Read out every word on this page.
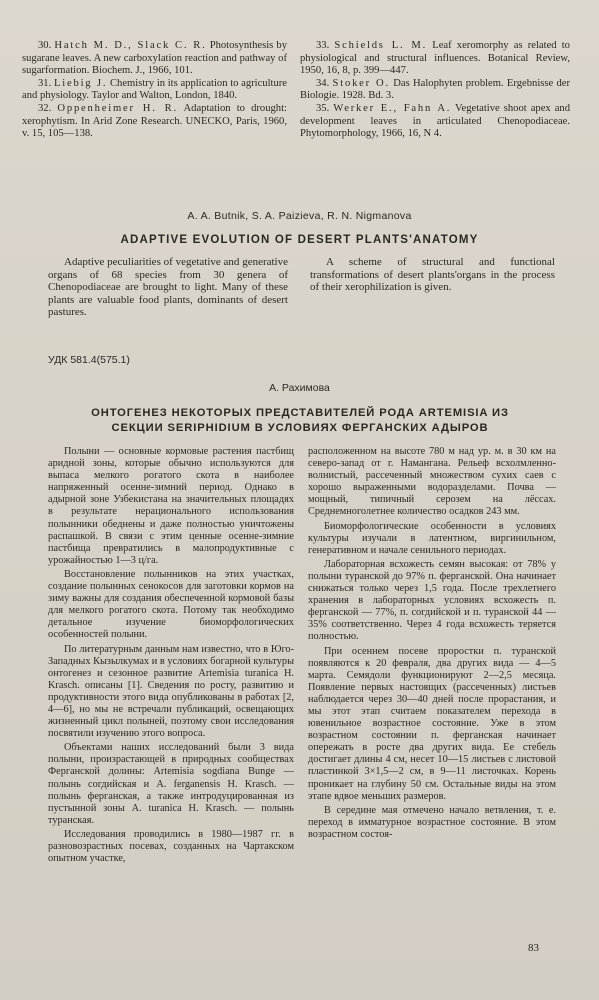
30. Hatch M. D., Slack C. R. Photosynthesis by sugarane leaves. A new carboxylation reaction and pathway of sugarformation. Biochem. J., 1966, 101.

31. Liebig J. Chemistry in its application to agriculture and physiology. Taylor and Walton, London, 1840.

32. Oppenheimer H. R. Adaptation to drought: xerophytism. In Arid Zone Research. UNECKO, Paris, 1960, v. 15, 105—138.

33. Schields L. M. Leaf xeromorphy as related to physiological and structural influences. Botanical Review, 1950, 16, 8, p. 399—447.

34. Stoker O. Das Halophyten problem. Ergebnisse der Biologie. 1928. Bd. 3.

35. Werker E., Fahn A. Vegetative shoot apex and development leaves in articulated Chenopodiaceae. Phytomorphology, 1966, 16, N 4.

A. A. Butnik, S. A. Paizieva, R. N. Nigmanova
ADAPTIVE EVOLUTION OF DESERT PLANTS'ANATOMY

Adaptive peculiarities of vegetative and generative organs of 68 species from 30 genera of Chenopodiaceae are brought to light. Many of these plants are valuable food plants, dominants of desert pastures.

A scheme of structural and functional transformations of desert plants'organs in the process of their xerophilization is given.

УДК 581.4(575.1)
А. Рахимова
ОНТОГЕНЕЗ НЕКОТОРЫХ ПРЕДСТАВИТЕЛЕЙ РОДА ARTEMISIA ИЗ
СЕКЦИИ SERIPHIDIUM В УСЛОВИЯХ ФЕРГАНСКИХ АДЫРОВ

Полыни — основные кормовые растения пастбищ аридной зоны, которые обычно используются для выпаса мелкого рогатого скота в наиболее напряженный осенне-зимний период. Однако в адырной зоне Узбекистана на значительных площадях в результате нерационального использования полынники обеднены и даже полностью уничтожены распашкой. В связи с этим ценные осенне-зимние пастбища превратились в малопродуктивные с урожайностью 1—3 ц/га.

Восстановление полынников на этих участках, создание полынных сенокосов для заготовки кормов на зиму важны для создания обеспеченной кормовой базы для мелкого рогатого скота. Потому так необходимо детальное изучение биоморфологических особенностей полыни.

По литературным данным нам известно, что в Юго-Западных Кызылкумах и в условиях богарной культуры онтогенез и сезонное развитие Artemisia turanica H. Krasch. описаны [1]. Сведения по росту, развитию и продуктивности этого вида опубликованы в работах [2, 4—6], но мы не встречали публикаций, освещающих жизненный цикл полыней, поэтому свои исследования посвятили изучению этого вопроса.

Объектами наших исследований были 3 вида полыни, произрастающей в природных сообществах Ферганской долины: Artemisia sogdiana Bunge — полынь согдийская и A. ferganensis H. Krasch. — полынь ферганская, а также интродуцированная из пустынной зоны A. turanica H. Krasch. — полынь туранская.

Исследования проводились в 1980—1987 гг. в разновозрастных посевах, созданных на Чартакском опытном участке,

расположенном на высоте 780 м над ур. м. в 30 км на северо-запад от г. Намангана. Рельеф всхолмленно-волнистый, рассеченный множеством сухих саев с хорошо выраженными водоразделами. Почва — мощный, типичный серозем на лёссах. Среднемноголетнее количество осадков 243 мм.

Биоморфологические особенности в условиях культуры изучали в латентном, виргинильном, генеративном и начале сенильного периодах.

Лабораторная всхожесть семян высокая: от 78% у полыни туранской до 97% п. ферганской. Она начинает снижаться только через 1,5 года. После трехлетнего хранения в лабораторных условиях всхожесть п. ферганской — 77%, п. согдийской и п. туранской 44 — 35% соответственно. Через 4 года всхожесть теряется полностью.

При осеннем посеве проростки п. туранской появляются к 20 февраля, два других вида — 4—5 марта. Семядоли функционируют 2—2,5 месяца. Появление первых настоящих (рассеченных) листьев наблюдается через 30—40 дней после прорастания, и мы этот этап считаем показателем перехода в ювенильное возрастное состояние. Уже в этом возрастном состоянии п. ферганская начинает опережать в росте два других вида. Ее стебель достигает длины 4 см, несет 10—15 листьев с листовой пластинкой 3×1,5—2 см, в 9—11 листочках. Корень проникает на глубину 50 см. Остальные виды на этом этапе вдвое меньших размеров.

В середине мая отмечено начало ветвления, т. е. переход в имматурное возрастное состояние. В этом возрастном состоя-

83
